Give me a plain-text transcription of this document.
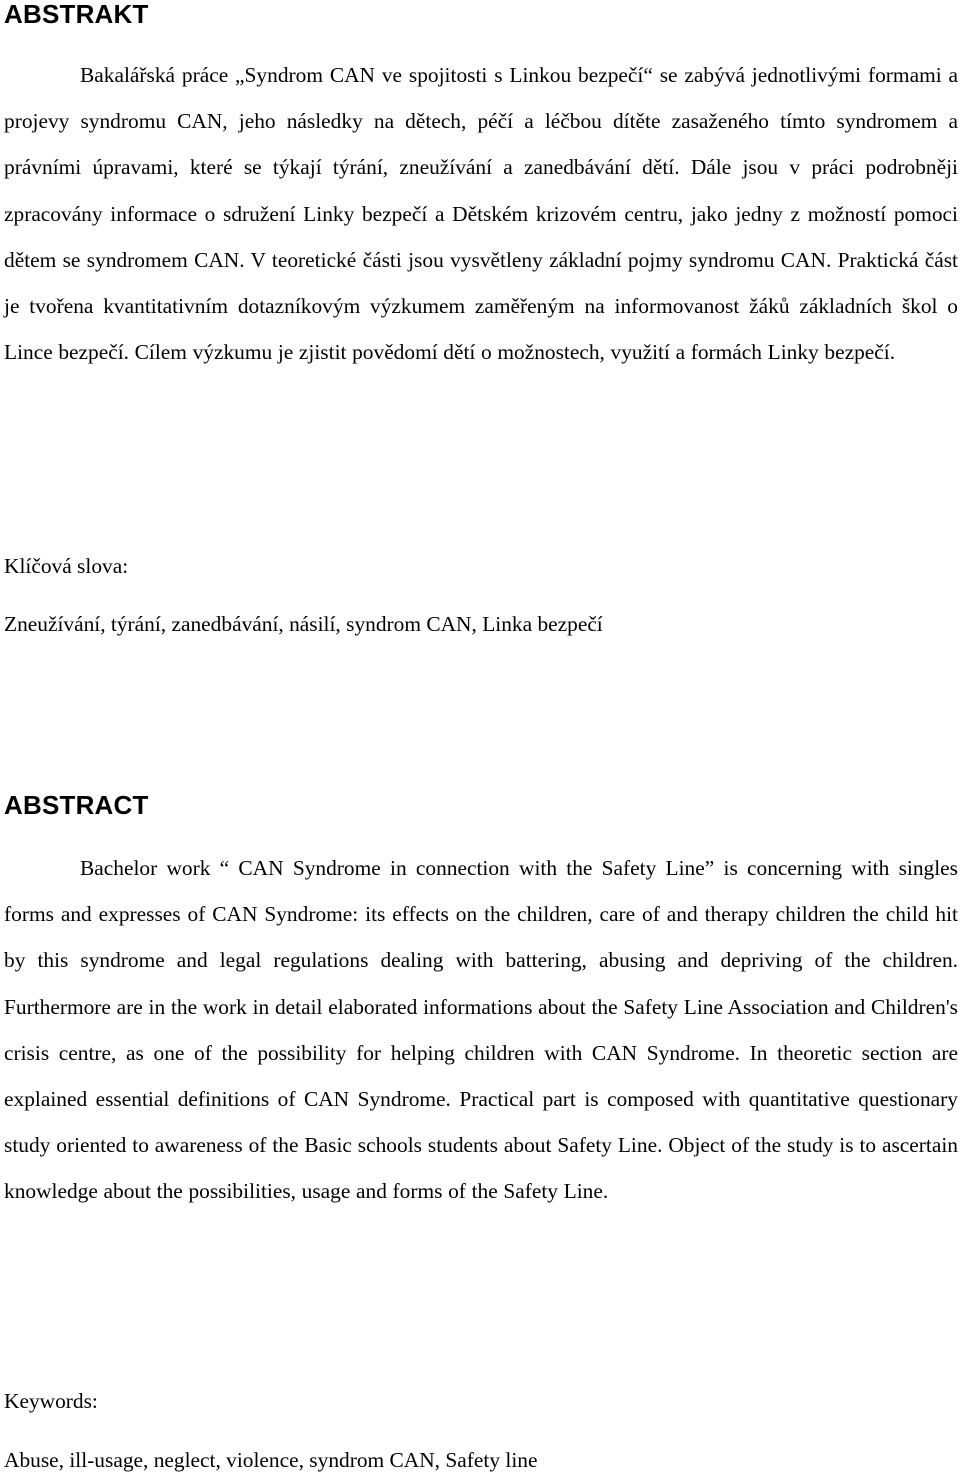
ABSTRAKT

Bakalářská práce „Syndrom CAN ve spojitosti s Linkou bezpečí“ se zabývá jednotlivými formami a projevy syndromu CAN, jeho následky na dětech, péčí a léčbou dítěte zasaženého tímto syndromem a právními úpravami, které se týkají týrání, zneužívání a zanedbávání dětí. Dále jsou v práci podrobněji zpracovány informace o sdružení Linky bezpečí a Dětském krizovém centru, jako jedny z možností pomoci dětem se syndromem CAN. V teoretické části jsou vysvětleny základní pojmy syndromu CAN. Praktická část je tvořena kvantitativním dotazníkovým výzkumem zaměřeným na informovanost žáků základních škol o Lince bezpečí. Cílem výzkumu je zjistit povědomí dětí o možnostech, využití a formách Linky bezpečí.

Klíčová slova:

Zneužívání, týrání, zanedbávání, násilí, syndrom CAN, Linka bezpečí

ABSTRACT

Bachelor work “ CAN Syndrome in connection with the Safety Line” is concerning with singles forms and expresses of CAN Syndrome: its effects on the children, care of and therapy children the child hit by this syndrome and legal regulations dealing with battering, abusing and depriving of the children. Furthermore are in the work in detail elaborated informations about the Safety Line Association and Children's crisis centre, as one of the possibility for helping children with CAN Syndrome. In theoretic section are explained essential definitions of CAN Syndrome. Practical part is composed with quantitative questionary study oriented to awareness of the Basic schools students about Safety Line. Object of the study is to ascertain knowledge about the possibilities, usage and forms of the Safety Line.

Keywords:

Abuse, ill-usage, neglect, violence, syndrom CAN, Safety line
